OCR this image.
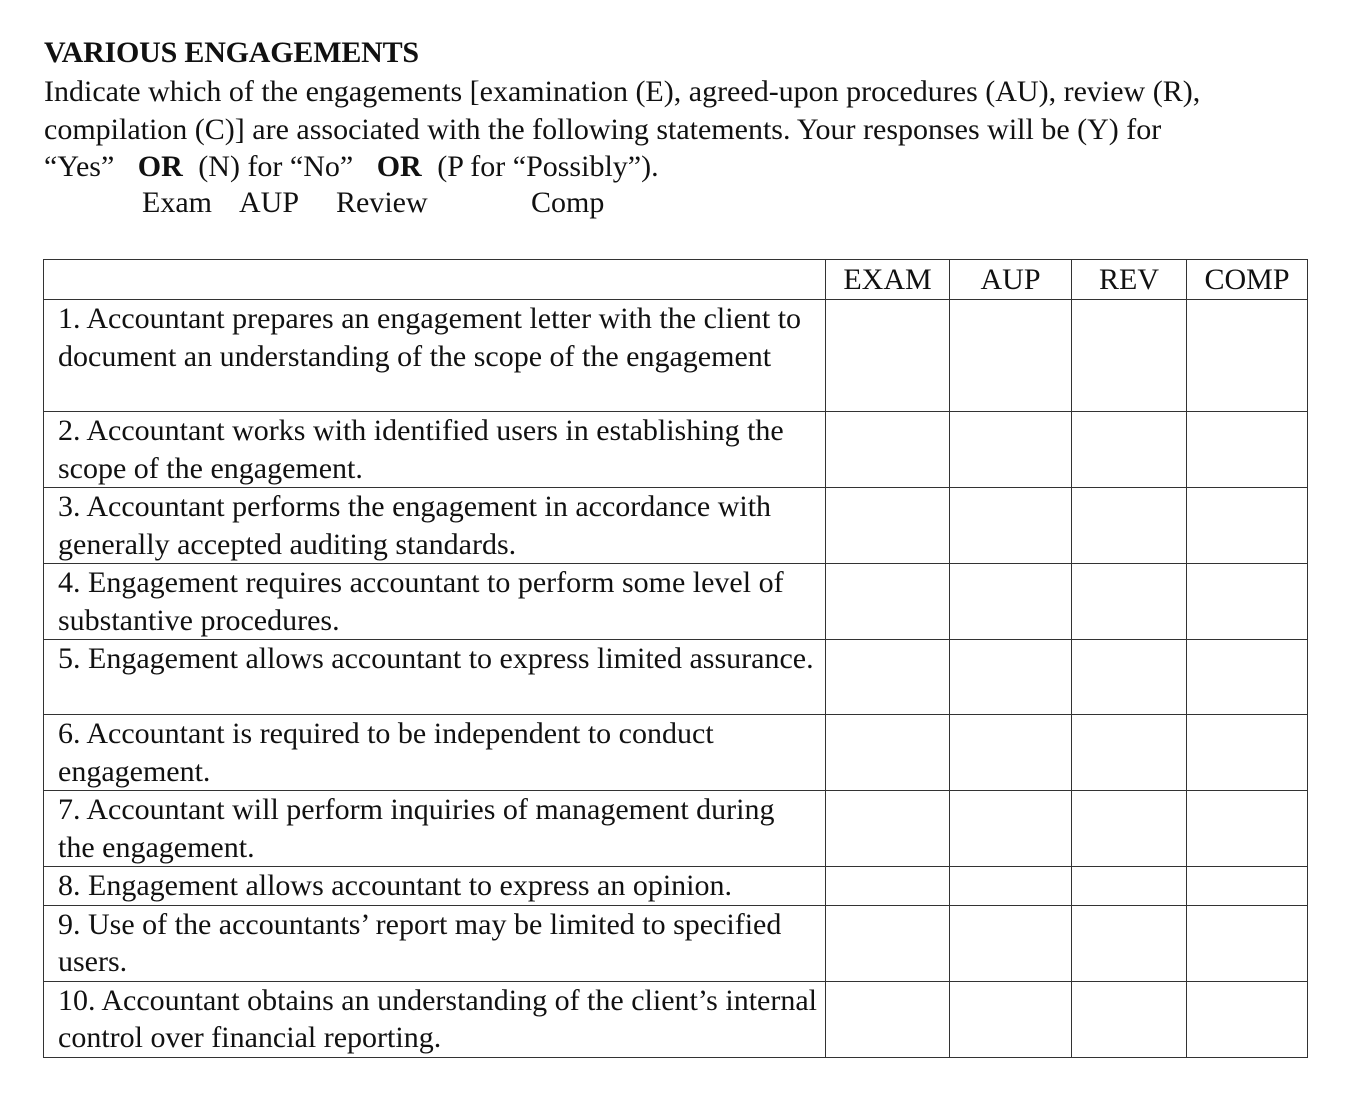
VARIOUS ENGAGEMENTS
Indicate which of the engagements [examination (E), agreed-upon procedures (AU), review (R),
compilation (C)] are associated with the following statements. Your responses will be (Y) for
“Yes” OR (N) for “No” OR (P for “Possibly”).
Exam AUP Review	Comp
	EXAM	AUP	REV	COMP
1. Accountant prepares an engagement letter with the client to document an understanding of the scope of the engagement				
2. Accountant works with identified users in establishing the scope of the engagement.				
3. Accountant performs the engagement in accordance with generally accepted auditing standards.				
4. Engagement requires accountant to perform some level of substantive procedures.				
5. Engagement allows accountant to express limited assurance.				
6. Accountant is required to be independent to conduct engagement.				
7. Accountant will perform inquiries of management during the engagement.				
8. Engagement allows accountant to express an opinion.				
9. Use of the accountants’ report may be limited to specified users.				
10. Accountant obtains an understanding of the client’s internal control over financial reporting.				
